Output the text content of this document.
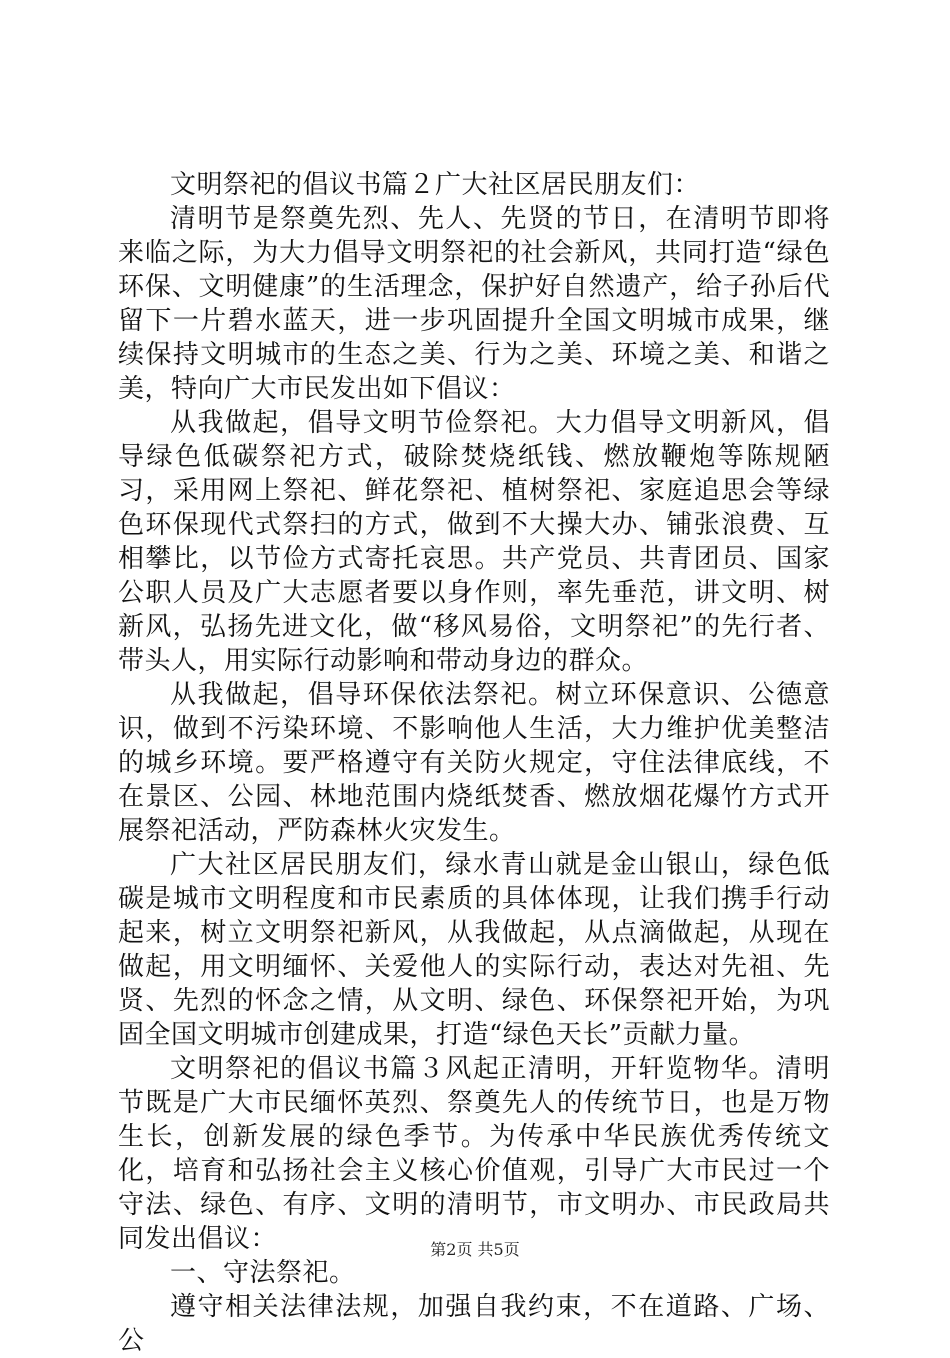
文明祭祀的倡议书篇２广大社区居民朋友们：

清明节是祭奠先烈、先人、先贤的节日，在清明节即将来临之际，为大力倡导文明祭祀的社会新风，共同打造“绿色环保、文明健康”的生活理念，保护好自然遗产，给子孙后代留下一片碧水蓝天，进一步巩固提升全国文明城市成果，继续保持文明城市的生态之美、行为之美、环境之美、和谐之美，特向广大市民发出如下倡议：

从我做起，倡导文明节俭祭祀。大力倡导文明新风，倡导绿色低碳祭祀方式，破除焚烧纸钱、燃放鞭炮等陈规陋习，采用网上祭祀、鲜花祭祀、植树祭祀、家庭追思会等绿色环保现代式祭扫的方式，做到不大操大办、铺张浪费、互相攀比，以节俭方式寄托哀思。共产党员、共青团员、国家公职人员及广大志愿者要以身作则，率先垂范，讲文明、树新风，弘扬先进文化，做“移风易俗，文明祭祀”的先行者、带头人，用实际行动影响和带动身边的群众。

从我做起，倡导环保依法祭祀。树立环保意识、公德意识，做到不污染环境、不影响他人生活，大力维护优美整洁的城乡环境。要严格遵守有关防火规定，守住法律底线，不在景区、公园、林地范围内烧纸焚香、燃放烟花爆竹方式开展祭祀活动，严防森林火灾发生。

广大社区居民朋友们，绿水青山就是金山银山，绿色低碳是城市文明程度和市民素质的具体体现，让我们携手行动起来，树立文明祭祀新风，从我做起，从点滴做起，从现在做起，用文明缅怀、关爱他人的实际行动，表达对先祖、先贤、先烈的怀念之情，从文明、绿色、环保祭祀开始，为巩固全国文明城市创建成果，打造“绿色天长”贡献力量。

文明祭祀的倡议书篇３风起正清明，开轩览物华。清明节既是广大市民缅怀英烈、祭奠先人的传统节日，也是万物生长，创新发展的绿色季节。为传承中华民族优秀传统文化，培育和弘扬社会主义核心价值观，引导广大市民过一个守法、绿色、有序、文明的清明节，市文明办、市民政局共同发出倡议：

一、守法祭祀。

遵守相关法律法规，加强自我约束，不在道路、广场、公

第2页 共5页
